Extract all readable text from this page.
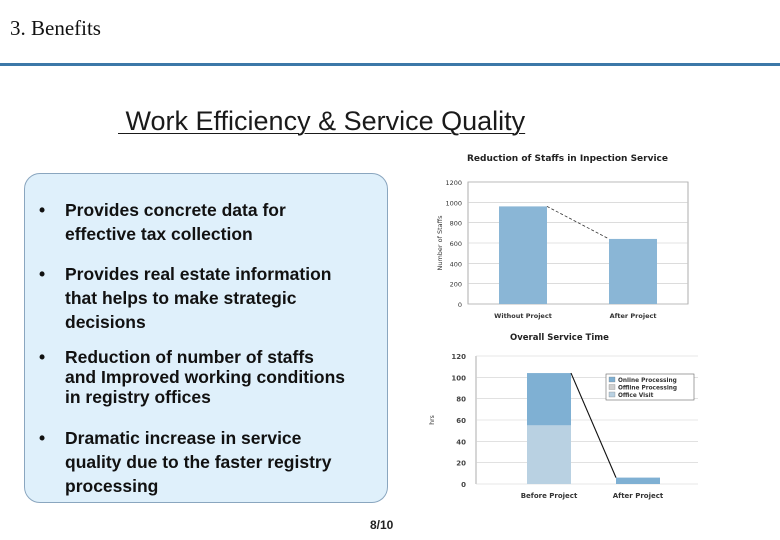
3. Benefits
Work Efficiency & Service Quality
• Provides concrete data for
effective tax collection
• Provides real estate information
that helps to make strategic
decisions
• Reduction of number of staffs
and Improved working conditions
in registry offices
• Dramatic increase in service
quality due to the faster registry
processing
Reduction of Staffs in Inpection Service
0
200
400
600
800
1000
1200
Number of Staffs
Without Project	After Project
Overall Service Time
0
20
40
60
80
100
120
hrs
Before Project	After Project
Online Processing
Offline Processing
Office Visit
8/10
